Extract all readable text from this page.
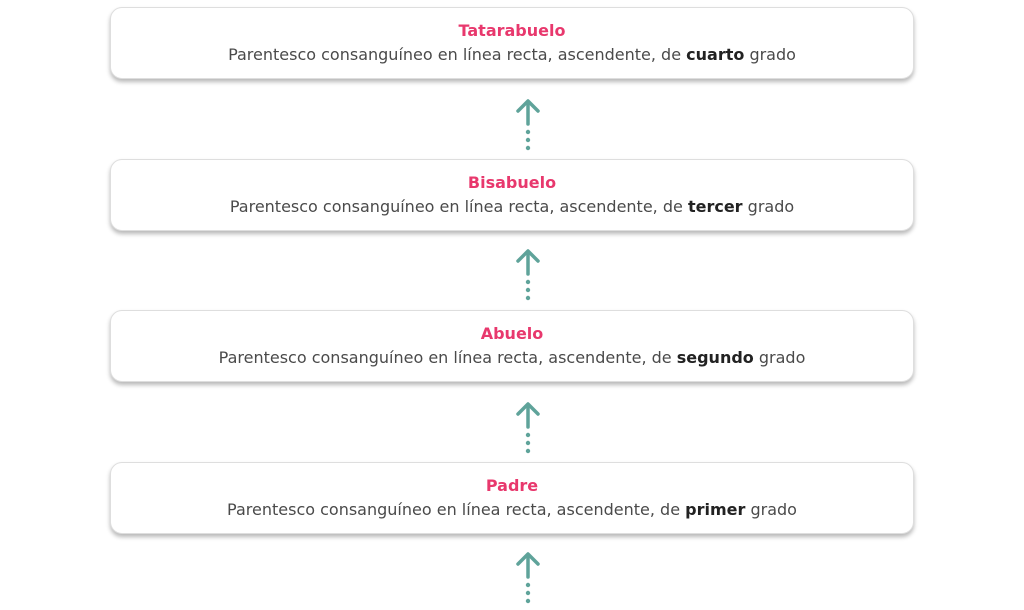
Tatarabuelo
Parentesco consanguíneo en línea recta, ascendente, de cuarto grado
Bisabuelo
Parentesco consanguíneo en línea recta, ascendente, de tercer grado
Abuelo
Parentesco consanguíneo en línea recta, ascendente, de segundo grado
Padre
Parentesco consanguíneo en línea recta, ascendente, de primer grado
